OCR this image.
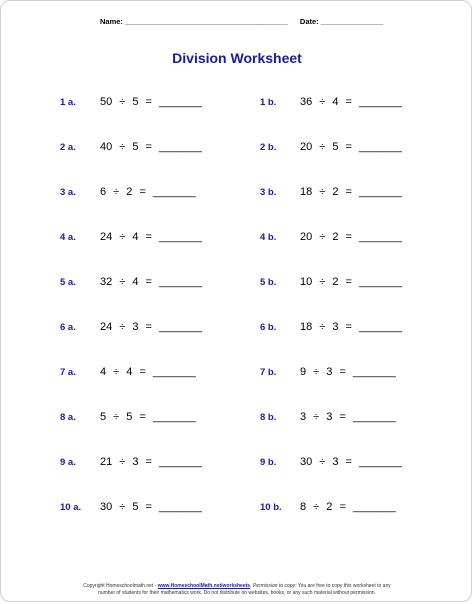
Name: _______________________________________ Date: _______________
Division Worksheet
1 a.	50 ÷ 5 = _______
2 a.	40 ÷ 5 = _______
3 a.	6 ÷ 2 = _______
4 a.	24 ÷ 4 = _______
5 a.	32 ÷ 4 = _______
6 a.	24 ÷ 3 = _______
7 a.	4 ÷ 4 = _______
8 a.	5 ÷ 5 = _______
9 a.	21 ÷ 3 = _______
10 a.	30 ÷ 5 = _______
1 b.	36 ÷ 4 = _______
2 b.	20 ÷ 5 = _______
3 b.	18 ÷ 2 = _______
4 b.	20 ÷ 2 = _______
5 b.	10 ÷ 2 = _______
6 b.	18 ÷ 3 = _______
7 b.	9 ÷ 3 = _______
8 b.	3 ÷ 3 = _______
9 b.	30 ÷ 3 = _______
10 b.	8 ÷ 2 = _______
Copyright Homeschoolmath.net - www.HomeschoolMath.net/worksheets. Permission to copy: You are free to copy this worksheet to any
number of students for their mathematics work. Do not distribute on websites, books, or any such material without permission.
